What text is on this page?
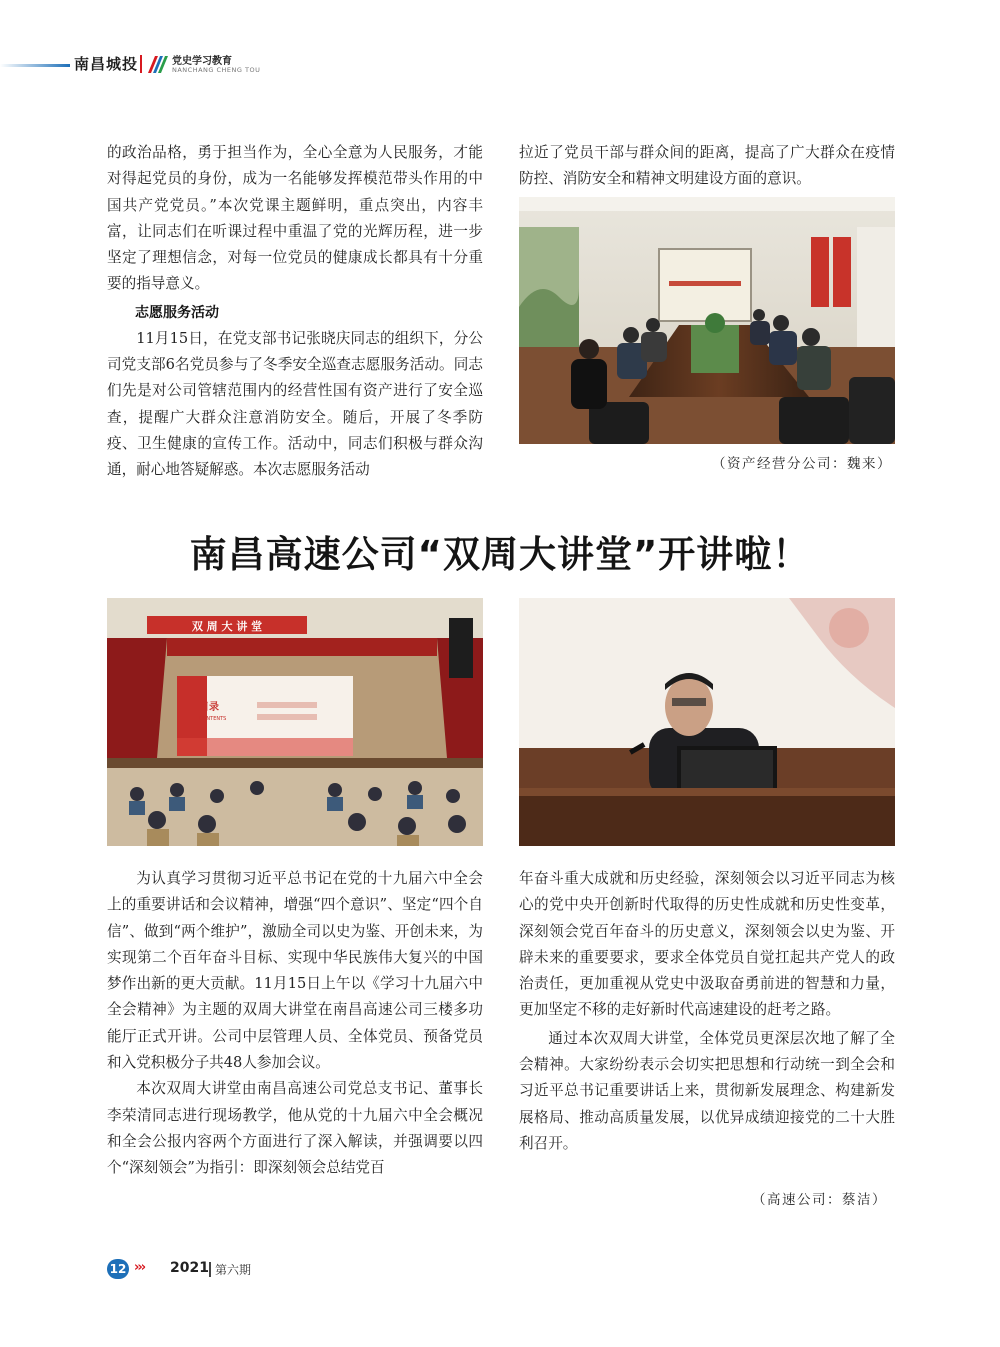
南昌城投	党史学习教育
NANCHANG CHENG TOU

的政治品格，勇于担当作为，全心全意为人民服务，才能对得起党员的身份，成为一名能够发挥模范带头作用的中国共产党党员。”本次党课主题鲜明，重点突出，内容丰富，让同志们在听课过程中重温了党的光辉历程，进一步坚定了理想信念，对每一位党员的健康成长都具有十分重要的指导意义。

志愿服务活动

11月15日，在党支部书记张晓庆同志的组织下，分公司党支部6名党员参与了冬季安全巡查志愿服务活动。同志们先是对公司管辖范围内的经营性国有资产进行了安全巡查，提醒广大群众注意消防安全。随后，开展了冬季防疫、卫生健康的宣传工作。活动中，同志们积极与群众沟通，耐心地答疑解惑。本次志愿服务活动

拉近了党员干部与群众间的距离，提高了广大群众在疫情防控、消防安全和精神文明建设方面的意识。

（资产经营分公司：魏来）
南昌高速公司“双周大讲堂”开讲啦！
双 周 大 讲 堂
目录
CONTENTS

为认真学习贯彻习近平总书记在党的十九届六中全会上的重要讲话和会议精神，增强“四个意识”、坚定“四个自信”、做到“两个维护”，激励全司以史为鉴、开创未来，为实现第二个百年奋斗目标、实现中华民族伟大复兴的中国梦作出新的更大贡献。11月15日上午以《学习十九届六中全会精神》为主题的双周大讲堂在南昌高速公司三楼多功能厅正式开讲。公司中层管理人员、全体党员、预备党员和入党积极分子共48人参加会议。

本次双周大讲堂由南昌高速公司党总支书记、董事长李荣清同志进行现场教学，他从党的十九届六中全会概况和全会公报内容两个方面进行了深入解读，并强调要以四个“深刻领会”为指引：即深刻领会总结党百

年奋斗重大成就和历史经验，深刻领会以习近平同志为核心的党中央开创新时代取得的历史性成就和历史性变革，深刻领会党百年奋斗的历史意义，深刻领会以史为鉴、开辟未来的重要要求，要求全体党员自觉扛起共产党人的政治责任，更加重视从党史中汲取奋勇前进的智慧和力量，更加坚定不移的走好新时代高速建设的赶考之路。

通过本次双周大讲堂，全体党员更深层次地了解了全会精神。大家纷纷表示会切实把思想和行动统一到全会和习近平总书记重要讲话上来，贯彻新发展理念、构建新发展格局、推动高质量发展，以优异成绩迎接党的二十大胜利召开。

（高速公司：蔡洁）
12 ››› 2021 第六期
